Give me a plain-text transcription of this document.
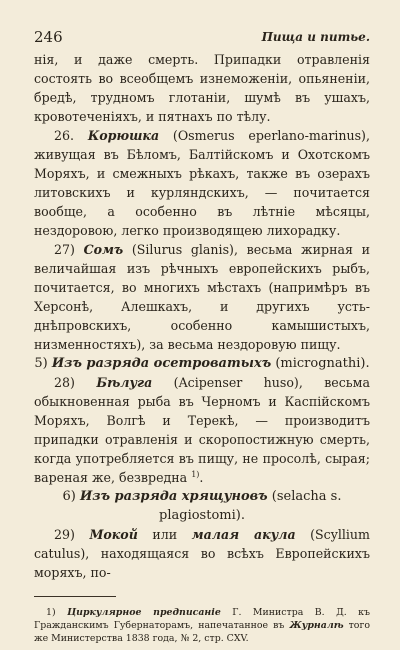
246	Пища и питье.

нія, и даже смерть. Припадки отравленія состоять во всеобщемъ изнеможеніи, опьяненіи, бредѣ, трудномъ глотаніи, шумѣ въ ушахъ, кровотеченіяхъ, и пятнахъ по тѣлу.

26. Корюшка (Osmerus eperlano-marinus), живущая въ Бѣломъ, Балтійскомъ и Охотскомъ Моряхъ, и смежныхъ рѣкахъ, также въ озерахъ литовскихъ и курляндскихъ, — почитается вообще, а особенно въ лѣтніе мѣсяцы, нездоровою, легко производящею лихорадку.

27) Сомъ (Silurus glanis), весьма жирная и величайшая изъ рѣчныхъ европейскихъ рыбъ, почитается, во многихъ мѣстахъ (напримѣръ въ Херсонѣ, Алешкахъ, и другихъ усть-днѣпровскихъ, особенно камышистыхъ, низменностяхъ), за весьма нездоровую пищу.

5) Изъ разряда осетроватыхъ (micrognathi).

28) Бѣлуга (Acipenser huso), весьма обыкновенная рыба въ Черномъ и Каспійскомъ Моряхъ, Волгѣ и Терекѣ, — производитъ припадки отравленія и скоропостижную смерть, когда употребляется въ пищу, не просолѣ, сырая; вареная же, безвредна $^{1)}$.

6) Изъ разряда хрящуновъ (selacha s. plagiostomi).

29) Мокой или малая акула (Scyllium catulus), находящаяся во всѣхъ Европейскихъ моряхъ, по-

1) Циркулярное предписаніе Г. Министра В. Д. къ Гражданскимъ Губернаторамъ, напечатанное въ Журналѣ того же Министерства 1838 года, № 2, стр. CXV.
